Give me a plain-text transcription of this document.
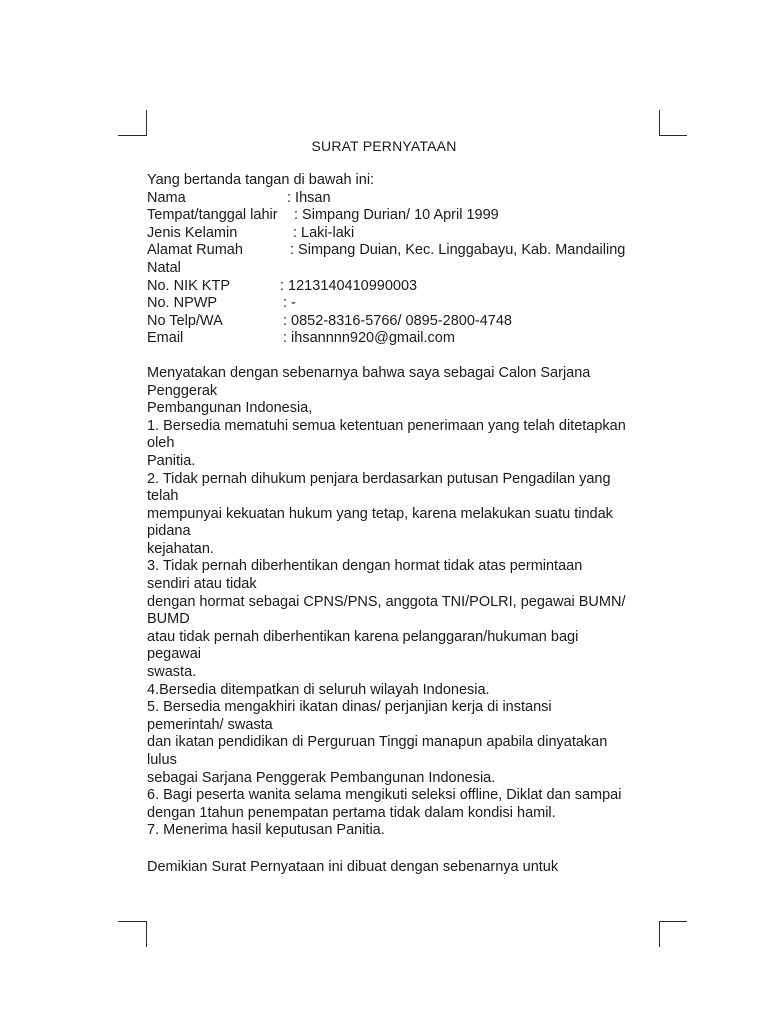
SURAT PERNYATAAN
Yang bertanda tangan di bawah ini:
Nama	: Ihsan
Tempat/tanggal lahir : Simpang Durian/ 10 April 1999
Jenis Kelamin	: Laki-laki
Alamat Rumah	: Simpang Duian, Kec. Linggabayu, Kab. Mandailing
Natal
No. NIK KTP	: 1213140410990003
No. NPWP	: -
No Telp/WA	: 0852-8316-5766/ 0895-2800-4748
Email	: ihsannnn920@gmail.com
Menyatakan dengan sebenarnya bahwa saya sebagai Calon Sarjana
Penggerak
Pembangunan Indonesia,
1. Bersedia mematuhi semua ketentuan penerimaan yang telah ditetapkan
oleh
Panitia.
2. Tidak pernah dihukum penjara berdasarkan putusan Pengadilan yang
telah
mempunyai kekuatan hukum yang tetap, karena melakukan suatu tindak
pidana
kejahatan.
3. Tidak pernah diberhentikan dengan hormat tidak atas permintaan
sendiri atau tidak
dengan hormat sebagai CPNS/PNS, anggota TNI/POLRI, pegawai BUMN/
BUMD
atau tidak pernah diberhentikan karena pelanggaran/hukuman bagi
pegawai
swasta.
4.Bersedia ditempatkan di seluruh wilayah Indonesia.
5. Bersedia mengakhiri ikatan dinas/ perjanjian kerja di instansi
pemerintah/ swasta
dan ikatan pendidikan di Perguruan Tinggi manapun apabila dinyatakan
lulus
sebagai Sarjana Penggerak Pembangunan Indonesia.
6. Bagi peserta wanita selama mengikuti seleksi offline, Diklat dan sampai
dengan 1tahun penempatan pertama tidak dalam kondisi hamil.
7. Menerima hasil keputusan Panitia.
Demikian Surat Pernyataan ini dibuat dengan sebenarnya untuk
